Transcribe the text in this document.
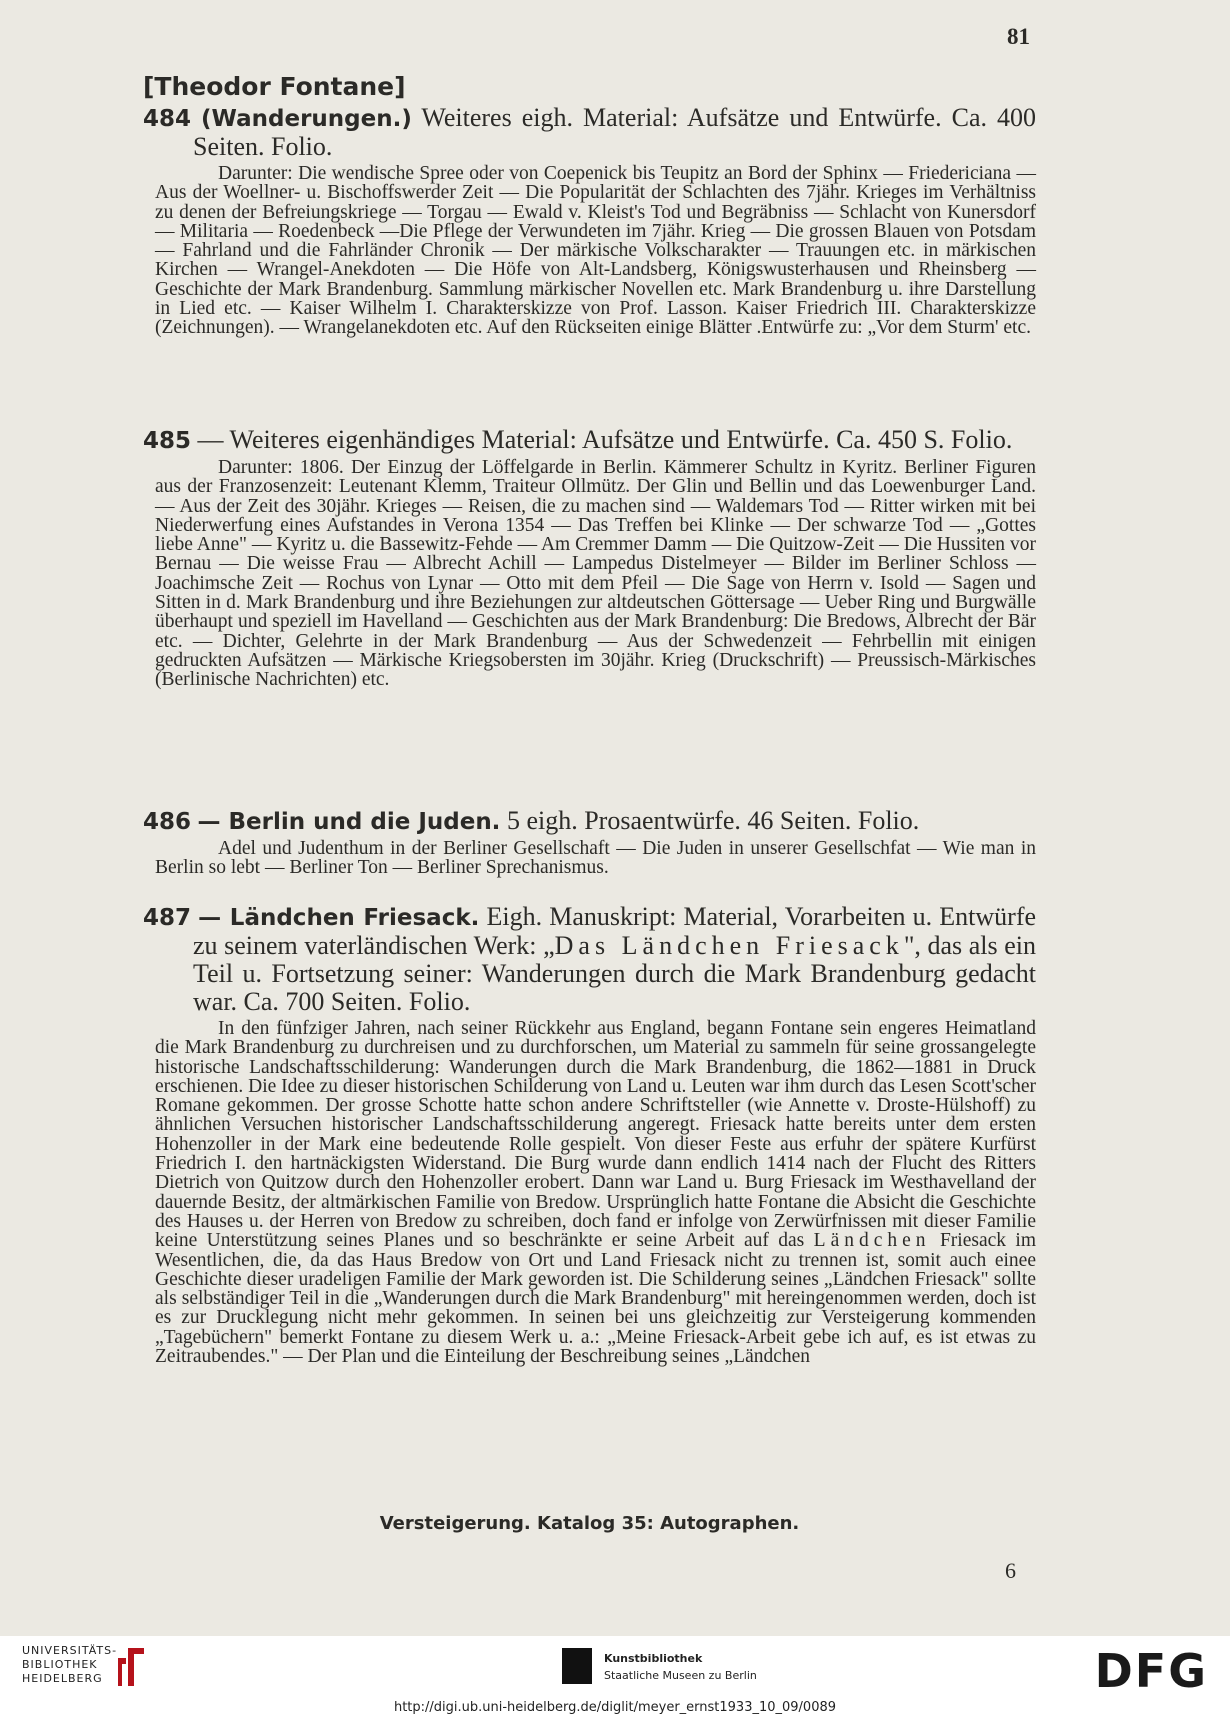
81
[Theodor Fontane]
484 (Wanderungen.) Weiteres eigh. Material: Aufsätze und Entwürfe. Ca. 400 Seiten. Folio.
Darunter: Die wendische Spree oder von Coepenick bis Teupitz an Bord der Sphinx — Friedericiana — Aus der Woellner- u. Bischoffswerder Zeit — Die Popularität der Schlachten des 7jähr. Krieges im Verhältniss zu denen der Befreiungskriege — Torgau — Ewald v. Kleist's Tod und Begräbniss — Schlacht von Kunersdorf — Militaria — Roedenbeck —Die Pflege der Verwundeten im 7jähr. Krieg — Die grossen Blauen von Potsdam — Fahrland und die Fahrländer Chronik — Der märkische Volkscharakter — Trauungen etc. in märkischen Kirchen — Wrangel-Anekdoten — Die Höfe von Alt-Landsberg, Königswusterhausen und Rheinsberg — Geschichte der Mark Brandenburg. Sammlung märkischer Novellen etc. Mark Brandenburg u. ihre Darstellung in Lied etc. — Kaiser Wilhelm I. Charakterskizze von Prof. Lasson. Kaiser Friedrich III. Charakterskizze (Zeichnungen). — Wrangelanekdoten etc. Auf den Rückseiten einige Blätter .Entwürfe zu: „Vor dem Sturm' etc.
485 — Weiteres eigenhändiges Material: Aufsätze und Entwürfe. Ca. 450 S. Folio.
Darunter: 1806. Der Einzug der Löffelgarde in Berlin. Kämmerer Schultz in Kyritz. Berliner Figuren aus der Franzosenzeit: Leutenant Klemm, Traiteur Ollmütz. Der Glin und Bellin und das Loewenburger Land. — Aus der Zeit des 30jähr. Krieges — Reisen, die zu machen sind — Waldemars Tod — Ritter wirken mit bei Niederwerfung eines Aufstandes in Verona 1354 — Das Treffen bei Klinke — Der schwarze Tod — „Gottes liebe Anne" — Kyritz u. die Bassewitz-Fehde — Am Cremmer Damm — Die Quitzow-Zeit — Die Hussiten vor Bernau — Die weisse Frau — Albrecht Achill — Lampedus Distelmeyer — Bilder im Berliner Schloss — Joachimsche Zeit — Rochus von Lynar — Otto mit dem Pfeil — Die Sage von Herrn v. Isold — Sagen und Sitten in d. Mark Brandenburg und ihre Beziehungen zur altdeutschen Göttersage — Ueber Ring und Burgwälle überhaupt und speziell im Havelland — Geschichten aus der Mark Brandenburg: Die Bredows, Albrecht der Bär etc. — Dichter, Gelehrte in der Mark Brandenburg — Aus der Schwedenzeit — Fehrbellin mit einigen gedruckten Aufsätzen — Märkische Kriegsobersten im 30jähr. Krieg (Druckschrift) — Preussisch-Märkisches (Berlinische Nachrichten) etc.
486 — Berlin und die Juden. 5 eigh. Prosaentwürfe. 46 Seiten. Folio.
Adel und Judenthum in der Berliner Gesellschaft — Die Juden in unserer Gesellschfat — Wie man in Berlin so lebt — Berliner Ton — Berliner Sprechanismus.
487 — Ländchen Friesack. Eigh. Manuskript: Material, Vorarbeiten u. Entwürfe zu seinem vaterländischen Werk: „Das Ländchen Friesack", das als ein Teil u. Fortsetzung seiner: Wanderungen durch die Mark Brandenburg gedacht war. Ca. 700 Seiten. Folio.
In den fünfziger Jahren, nach seiner Rückkehr aus England, begann Fontane sein engeres Heimatland die Mark Brandenburg zu durchreisen und zu durchforschen, um Material zu sammeln für seine grossangelegte historische Landschaftsschilderung: Wanderungen durch die Mark Brandenburg, die 1862—1881 in Druck erschienen. Die Idee zu dieser historischen Schilderung von Land u. Leuten war ihm durch das Lesen Scott'scher Romane gekommen. Der grosse Schotte hatte schon andere Schriftsteller (wie Annette v. Droste-Hülshoff) zu ähnlichen Versuchen historischer Landschaftsschilderung angeregt. Friesack hatte bereits unter dem ersten Hohenzoller in der Mark eine bedeutende Rolle gespielt. Von dieser Feste aus erfuhr der spätere Kurfürst Friedrich I. den hartnäckigsten Widerstand. Die Burg wurde dann endlich 1414 nach der Flucht des Ritters Dietrich von Quitzow durch den Hohenzoller erobert. Dann war Land u. Burg Friesack im Westhavelland der dauernde Besitz, der altmärkischen Familie von Bredow. Ursprünglich hatte Fontane die Absicht die Geschichte des Hauses u. der Herren von Bredow zu schreiben, doch fand er infolge von Zerwürfnissen mit dieser Familie keine Unterstützung seines Planes und so beschränkte er seine Arbeit auf das Ländchen Friesack im Wesentlichen, die, da das Haus Bredow von Ort und Land Friesack nicht zu trennen ist, somit auch einee Geschichte dieser uradeligen Familie der Mark geworden ist. Die Schilderung seines „Ländchen Friesack" sollte als selbständiger Teil in die „Wanderungen durch die Mark Brandenburg" mit hereingenommen werden, doch ist es zur Drucklegung nicht mehr gekommen. In seinen bei uns gleichzeitig zur Versteigerung kommenden „Tagebüchern" bemerkt Fontane zu diesem Werk u. a.: „Meine Friesack-Arbeit gebe ich auf, es ist etwas zu Zeitraubendes." — Der Plan und die Einteilung der Beschreibung seines „Ländchen
Versteigerung. Katalog 35: Autographen.
6
UNIVERSITÄTS-
BIBLIOTHEK
HEIDELBERG
Kunstbibliothek
Staatliche Museen zu Berlin	DFG
http://digi.ub.uni-heidelberg.de/diglit/meyer_ernst1933_10_09/0089
